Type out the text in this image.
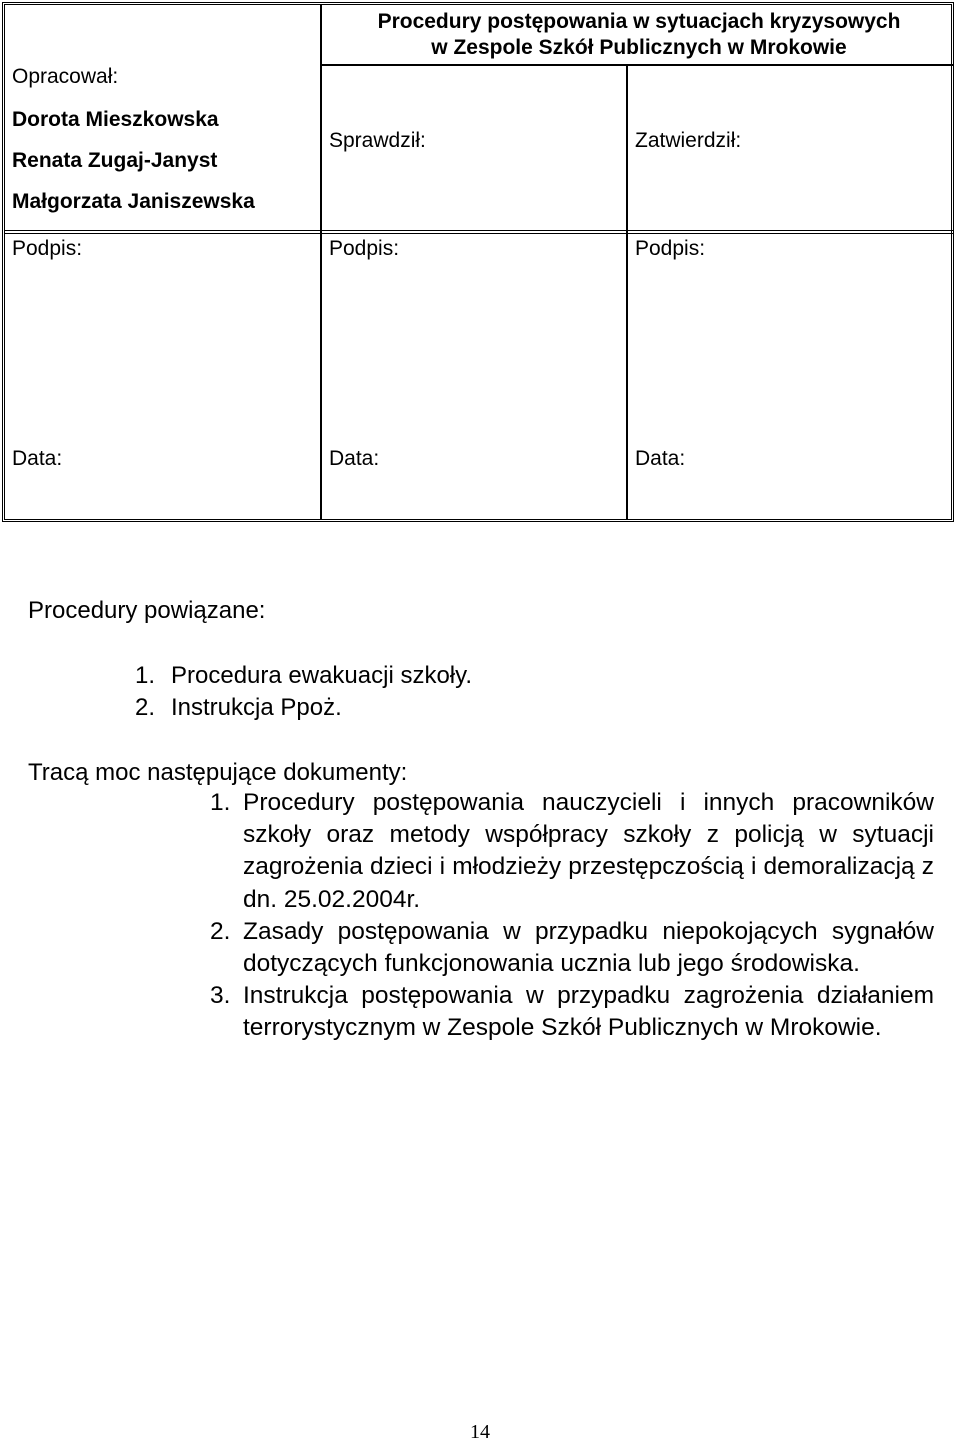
Procedury postępowania w sytuacjach kryzysowych
w Zespole Szkół Publicznych w Mrokowie
Opracował:
Dorota Mieszkowska
Renata Zugaj-Janyst
Małgorzata Janiszewska
Sprawdził:	Zatwierdził:
Podpis:	Podpis:	Podpis:
Data:	Data:	Data:
Procedury powiązane:
1. Procedura ewakuacji szkoły.
2. Instrukcja Ppoż.
Tracą moc następujące dokumenty:
1. Procedury postępowania nauczycieli i innych pracowników szkoły oraz metody współpracy szkoły z policją w sytuacji zagrożenia dzieci i młodzieży przestępczością i demoralizacją z dn. 25.02.2004r.
2. Zasady postępowania w przypadku niepokojących sygnałów dotyczących funkcjonowania ucznia lub jego środowiska.
3. Instrukcja postępowania w przypadku zagrożenia działaniem terrorystycznym w Zespole Szkół Publicznych w Mrokowie.
14
